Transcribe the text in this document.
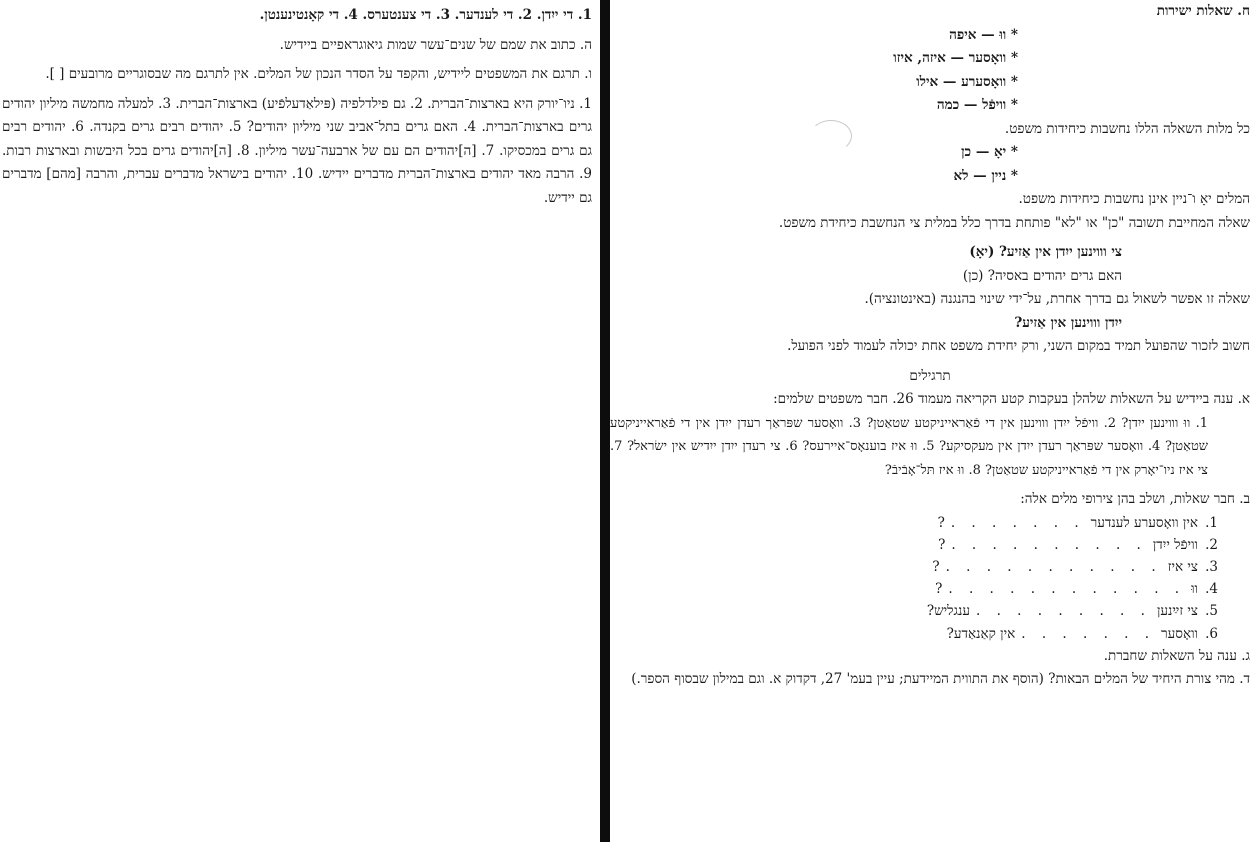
1. די ייִדן. 2. די לענדער. 3. די צענטערס. 4. די קאָנטינענטן.

ה. כתוב את שמם של שנים־עשר שמות גיאוגראפיים ביידיש.

ו. תרגם את המשפטים ליידיש, והקפד על הסדר הנכון של המלים. אין לתרגם מה שבסוגריים מרובעים [ ].

1. ניו־יורק היא בארצות־הברית. 2. גם פילדלפיה (פּילאַדעלפֿיע) בארצות־הברית. 3. למעלה מחמשה מיליון יהודים גרים בארצות־הברית. 4. האם גרים בתל־אביב שני מיליון יהודים? 5. יהודים רבים גרים בקנדה. 6. יהודים רבים גם גרים במכסיקו. 7. [ה]יהודים הם עם של ארבעה־עשר מיליון. 8. [ה]יהודים גרים בכל היבשות ובארצות רבות. 9. הרבה מאד יהודים בארצות־הברית מדברים יידיש. 10. יהודים בישראל מדברים עברית, והרבה [מהם] מדברים גם יידיש.

ח. שאלות ישירות

* ווּ — איפה

* וואָסער — איזה, איזו

* וואָסערע — אילו

* וויפֿל — כמה

כל מלות השאלה הללו נחשבות כיחידות משפט.

* יאָ — כן

* ניין — לא

המלים יאָ ו־ניין אינן נחשבות כיחידות משפט.

שאלה המחייבת תשובה "כן" או "לא" פותחת בדרך כלל במלית צי הנחשבת כיחידת משפט.

צי וווינען ייִדן אין אַזיע? (יאָ)

האם גרים יהודים באסיה? (כן)

שאלה זו אפשר לשאול גם בדרך אחרת, על־ידי שינוי בהנגנה (באינטונציה).

ייִדן וווינען אין אַזיע?

חשוב לזכור שהפועל תמיד במקום השני, ורק יחידת משפט אחת יכולה לעמוד לפני הפועל.

תרגילים

א. ענה ביידיש על השאלות שלהלן בעקבות קטע הקריאה מעמוד 26. חבר משפטים שלמים:

1. ווּ וווינען ייִדן? 2. וויפֿל ייִדן וווינען אין די פֿאַראייניקטע שטאַטן? 3. וואָסער שפּראַך רעדן ייִדן אין די פֿאַראייניקטע שטאַטן? 4. וואָסער שפּראַך רעדן ייִדן אין מעקסיקע? 5. ווּ איז בוענאָס־איירעס? 6. צי רעדן ייִדן ייִדיש אין ישׂראל? 7. צי איז ניו־יאָרק אין די פֿאַראייניקטע שטאַטן? 8. ווּ איז תּל־אָבֿיבֿ?

ב. חבר שאלות, ושלב בהן צירופי מלים אלה:

1.
אין וואָסערע לענדער
. . . . . . .
?
2.
וויפֿל ייִדן
. . . . . . . . . .
?
3.
צי איז
. . . . . . . . . . .
?
4.
ווּ
. . . . . . . . . . . .
?
5.
צי זײַנען
. . . . . . . . .
ענגליש?
6.
וואָסער
. . . . . . .
אין קאַנאַדע?

ג. ענה על השאלות שחברת.

ד. מהי צורת היחיד של המלים הבאות? (הוסף את התווית המיידעת; עיין בעמ' 27, דקדוק א. וגם במילון שבסוף הספר.)
